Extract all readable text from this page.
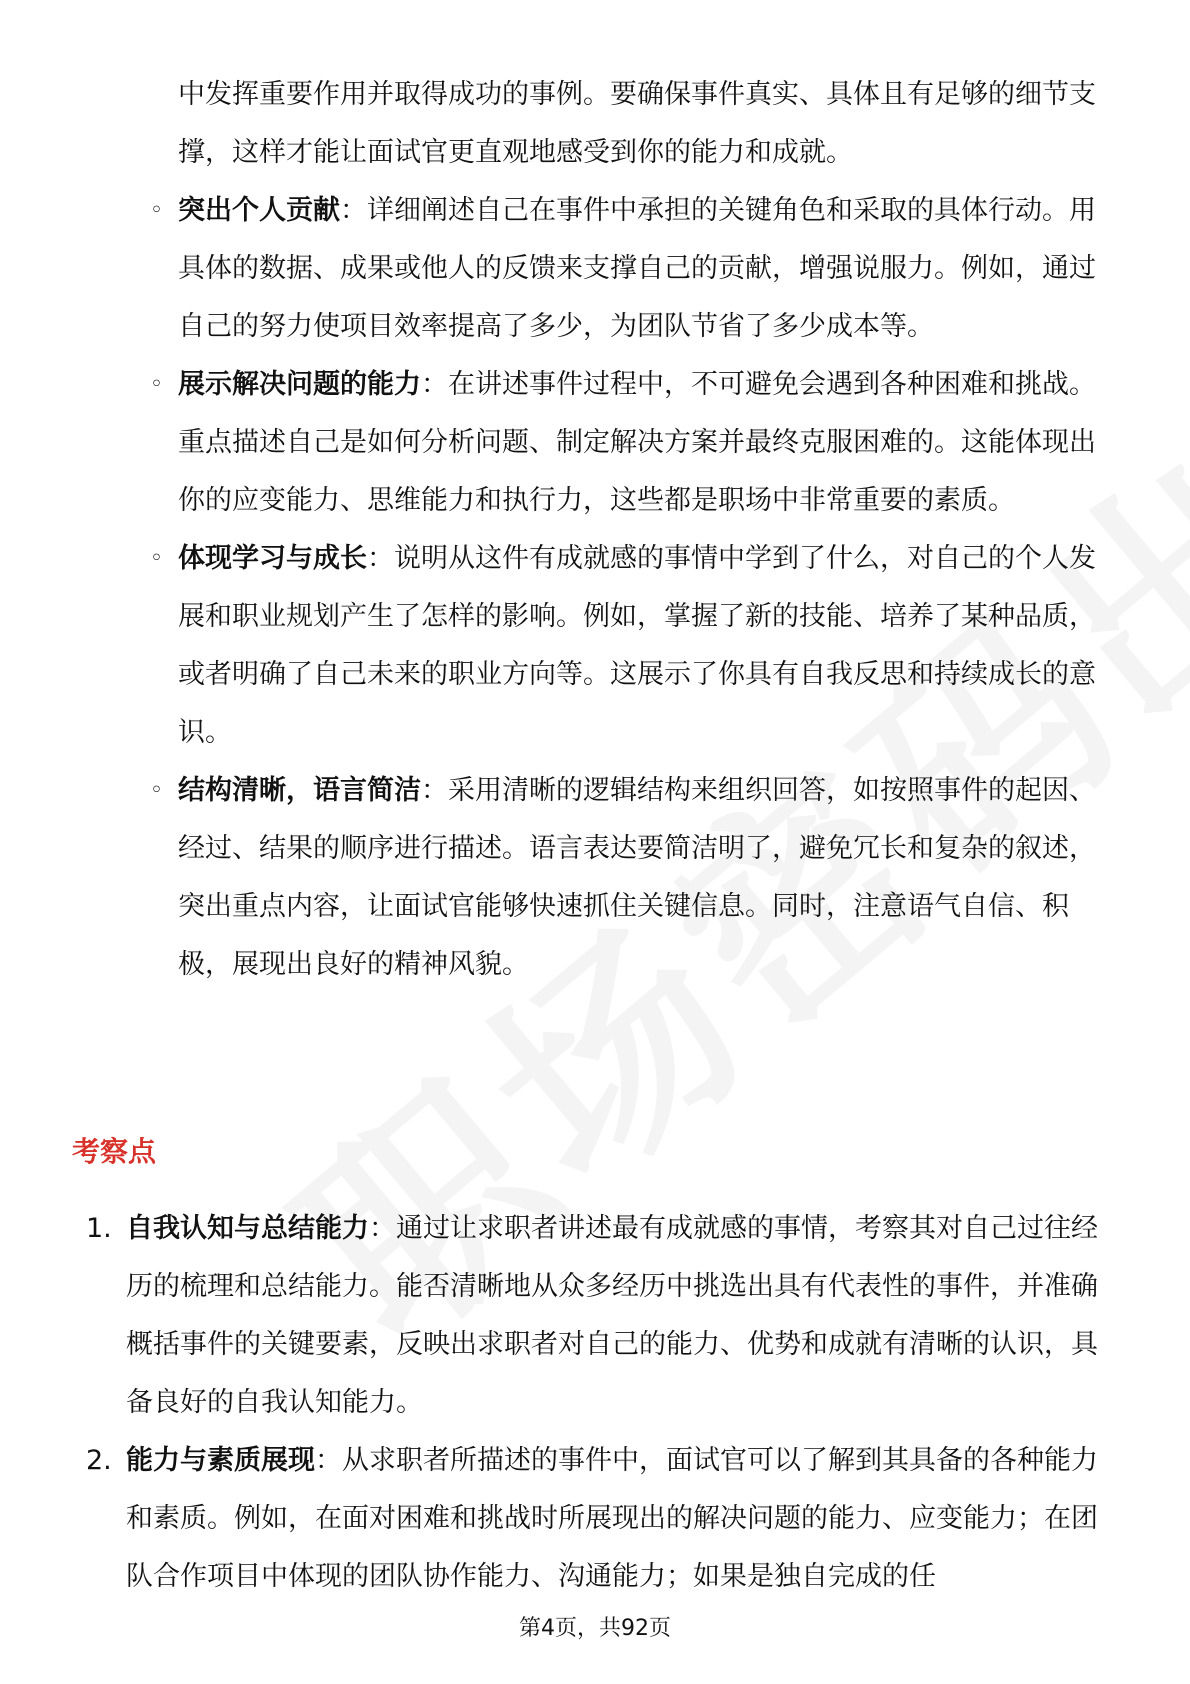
中发挥重要作用并取得成功的事例。要确保事件真实、具体且有足够的细节支撑，这样才能让面试官更直观地感受到你的能力和成就。
◦ 突出个人贡献：详细阐述自己在事件中承担的关键角色和采取的具体行动。用具体的数据、成果或他人的反馈来支撑自己的贡献，增强说服力。例如，通过自己的努力使项目效率提高了多少，为团队节省了多少成本等。
◦ 展示解决问题的能力：在讲述事件过程中，不可避免会遇到各种困难和挑战。重点描述自己是如何分析问题、制定解决方案并最终克服困难的。这能体现出你的应变能力、思维能力和执行力，这些都是职场中非常重要的素质。
◦ 体现学习与成长：说明从这件有成就感的事情中学到了什么，对自己的个人发展和职业规划产生了怎样的影响。例如，掌握了新的技能、培养了某种品质，或者明确了自己未来的职业方向等。这展示了你具有自我反思和持续成长的意识。
◦ 结构清晰，语言简洁：采用清晰的逻辑结构来组织回答，如按照事件的起因、经过、结果的顺序进行描述。语言表达要简洁明了，避免冗长和复杂的叙述，突出重点内容，让面试官能够快速抓住关键信息。同时，注意语气自信、积极，展现出良好的精神风貌。
考察点
1. 自我认知与总结能力：通过让求职者讲述最有成就感的事情，考察其对自己过往经历的梳理和总结能力。能否清晰地从众多经历中挑选出具有代表性的事件，并准确概括事件的关键要素，反映出求职者对自己的能力、优势和成就有清晰的认识，具备良好的自我认知能力。
2. 能力与素质展现：从求职者所描述的事件中，面试官可以了解到其具备的各种能力和素质。例如，在面对困难和挑战时所展现出的解决问题的能力、应变能力；在团队合作项目中体现的团队协作能力、沟通能力；如果是独自完成的任
第4页，共92页
